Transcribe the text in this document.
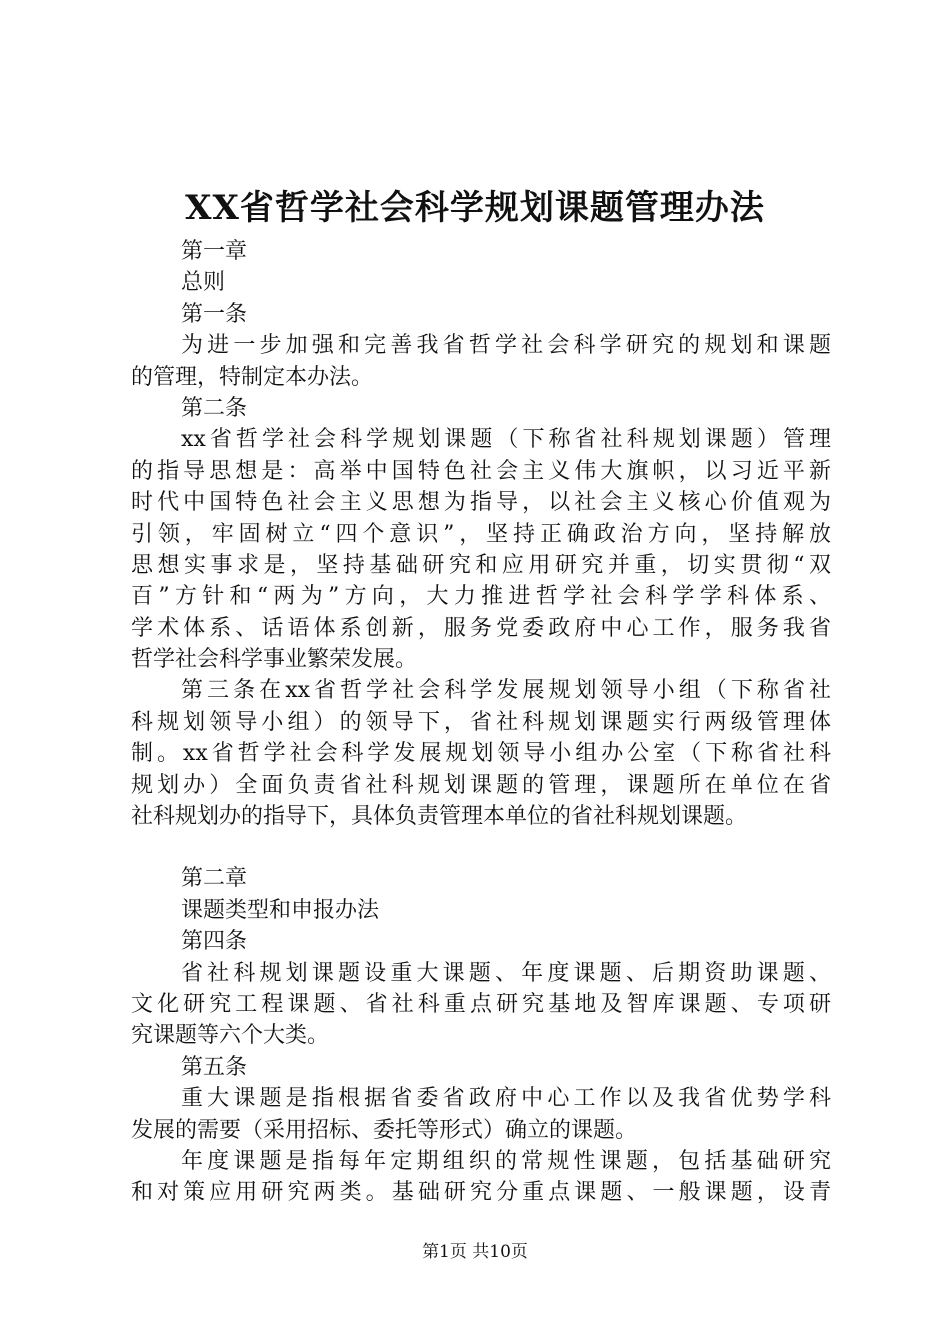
XX省哲学社会科学规划课题管理办法
第一章
总则
第一条
为进一步加强和完善我省哲学社会科学研究的规划和课题
的管理，特制定本办法。
第二条
xx省哲学社会科学规划课题（下称省社科规划课题）管理
的指导思想是：高举中国特色社会主义伟大旗帜，以习近平新
时代中国特色社会主义思想为指导，以社会主义核心价值观为
引领，牢固树立“四个意识”，坚持正确政治方向，坚持解放
思想实事求是，坚持基础研究和应用研究并重，切实贯彻“双
百”方针和“两为”方向，大力推进哲学社会科学学科体系、
学术体系、话语体系创新，服务党委政府中心工作，服务我省
哲学社会科学事业繁荣发展。
第三条在xx省哲学社会科学发展规划领导小组（下称省社
科规划领导小组）的领导下，省社科规划课题实行两级管理体
制。xx省哲学社会科学发展规划领导小组办公室（下称省社科
规划办）全面负责省社科规划课题的管理，课题所在单位在省
社科规划办的指导下，具体负责管理本单位的省社科规划课题。
第二章
课题类型和申报办法
第四条
省社科规划课题设重大课题、年度课题、后期资助课题、
文化研究工程课题、省社科重点研究基地及智库课题、专项研
究课题等六个大类。
第五条
重大课题是指根据省委省政府中心工作以及我省优势学科
发展的需要（采用招标、委托等形式）确立的课题。
年度课题是指每年定期组织的常规性课题，包括基础研究
和对策应用研究两类。基础研究分重点课题、一般课题，设青
第1页 共10页
